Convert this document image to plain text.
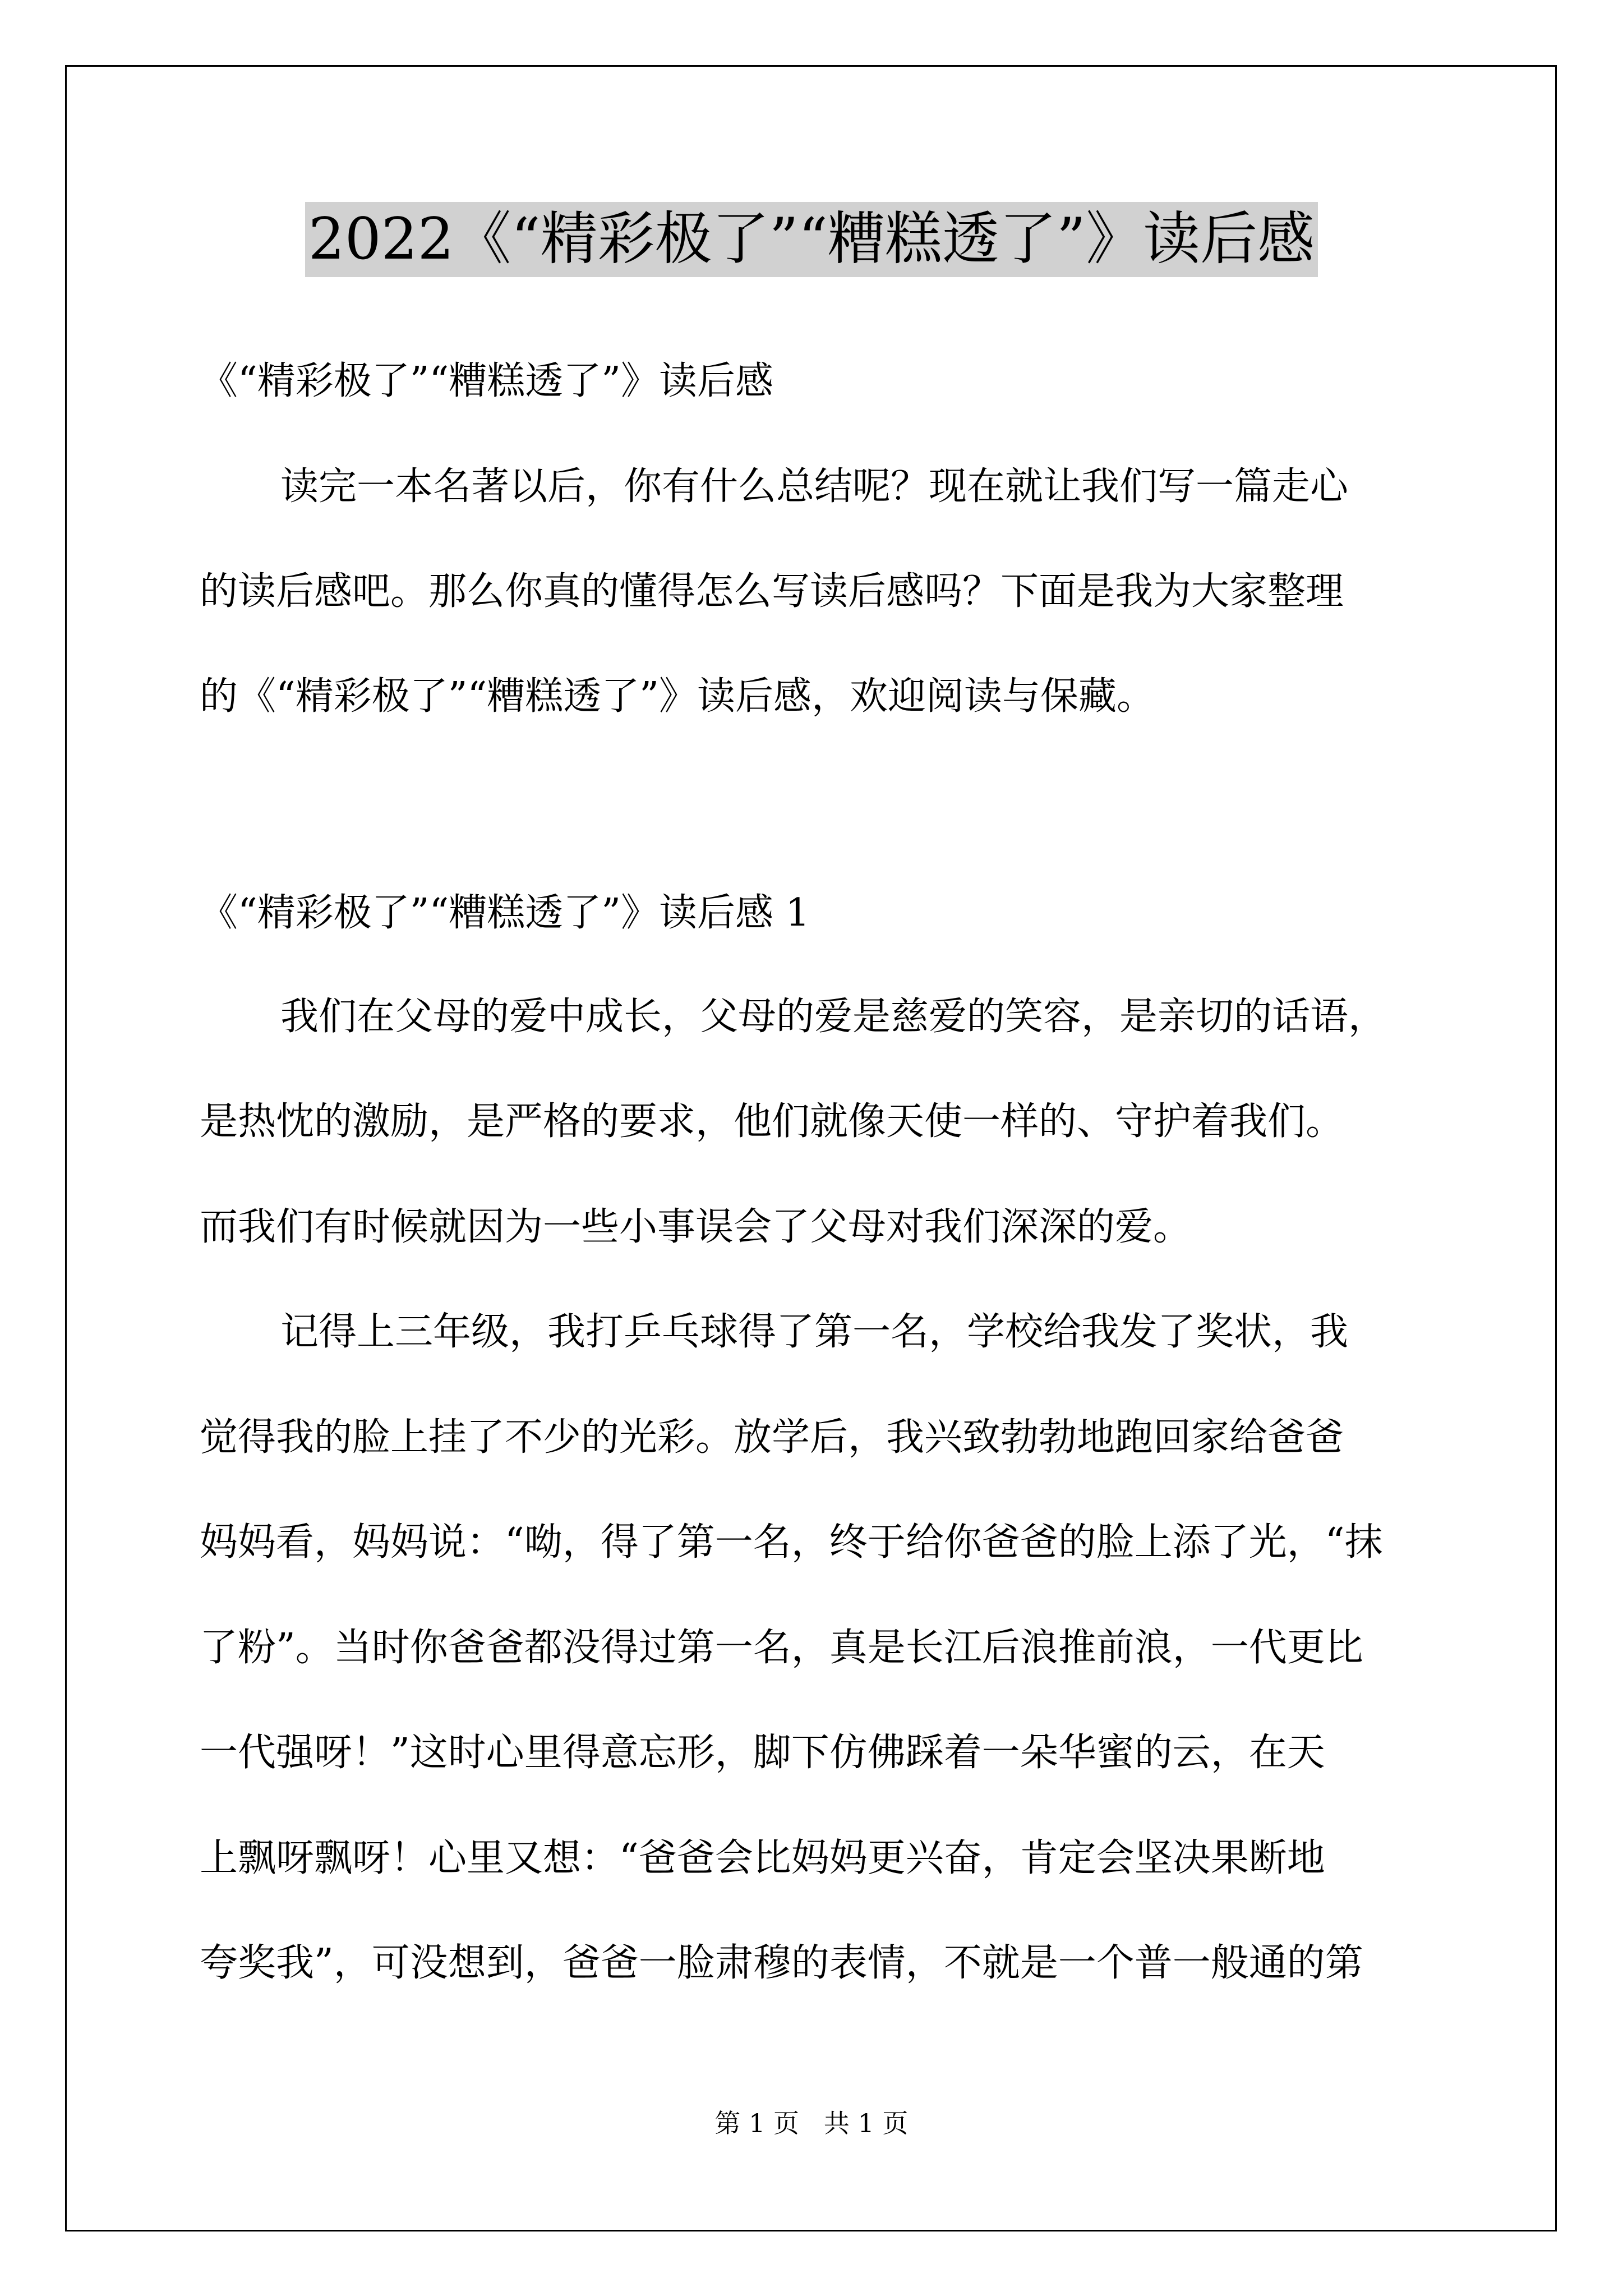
2022《“精彩极了”“糟糕透了”》读后感
《“精彩极了”“糟糕透了”》读后感
读完一本名著以后，你有什么总结呢？现在就让我们写一篇走心
的读后感吧。那么你真的懂得怎么写读后感吗？下面是我为大家整理
的《“精彩极了”“糟糕透了”》读后感，欢迎阅读与保藏。
《“精彩极了”“糟糕透了”》读后感 1
我们在父母的爱中成长，父母的爱是慈爱的笑容，是亲切的话语，
是热忱的激励，是严格的要求，他们就像天使一样的、守护着我们。
而我们有时候就因为一些小事误会了父母对我们深深的爱。
记得上三年级，我打乒乓球得了第一名，学校给我发了奖状，我
觉得我的脸上挂了不少的光彩。放学后，我兴致勃勃地跑回家给爸爸
妈妈看，妈妈说：“呦，得了第一名，终于给你爸爸的脸上添了光，“抹
了粉”。当时你爸爸都没得过第一名，真是长江后浪推前浪，一代更比
一代强呀！”这时心里得意忘形，脚下仿佛踩着一朵华蜜的云，在天
上飘呀飘呀！心里又想：“爸爸会比妈妈更兴奋，肯定会坚决果断地
夸奖我”，可没想到，爸爸一脸肃穆的表情，不就是一个普一般通的第
第 1 页   共 1 页
